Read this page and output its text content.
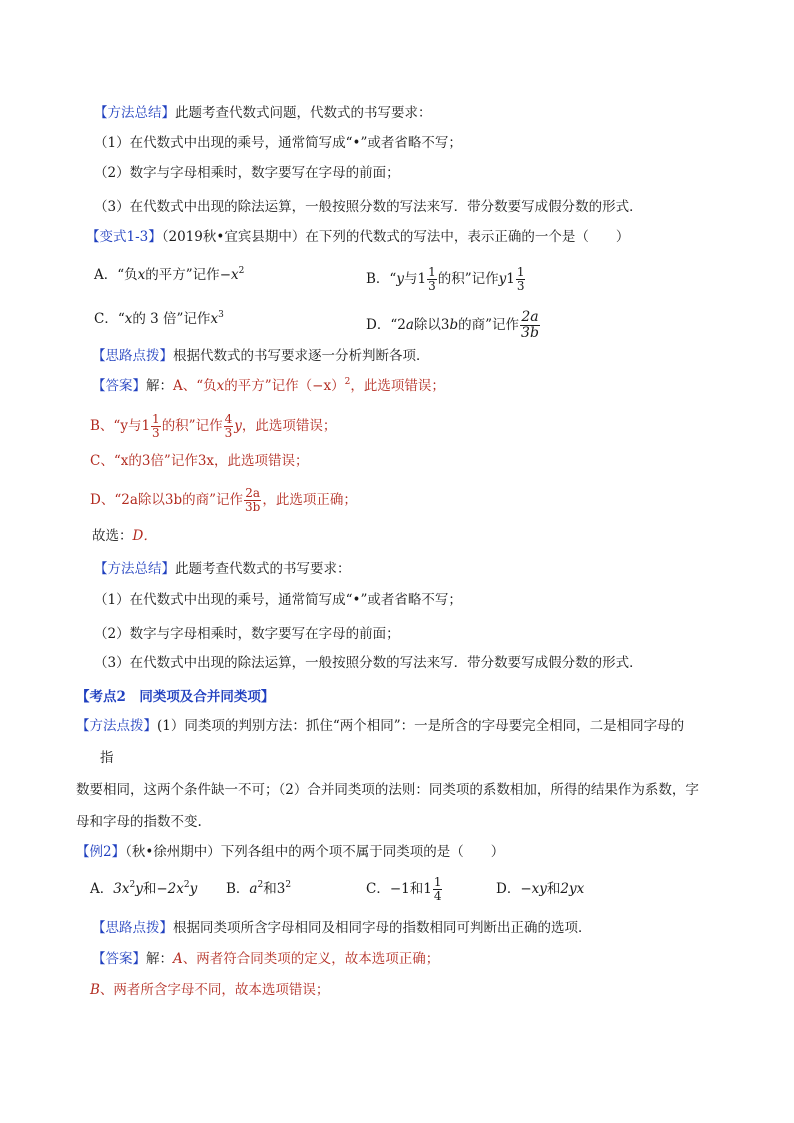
【方法总结】此题考查代数式问题，代数式的书写要求：
（1）在代数式中出现的乘号，通常简写成“•”或者省略不写；
（2）数字与字母相乘时，数字要写在字母的前面；
（3）在代数式中出现的除法运算，一般按照分数的写法来写．带分数要写成假分数的形式．
【变式1-3】（2019秋•宜宾县期中）在下列的代数式的写法中，表示正确的一个是（　　）
A．“负x的平方”记作$-x^2$	B．“y与$1 \frac{1}{3}$ 的积”记作$y1 \frac{1}{3}$
C．“x的 3 倍”记作$x^3$
D．“2a除以3b的商”记作 $\frac{2a}{3b}$
【思路点拨】根据代数式的书写要求逐一分析判断各项．
【答案】解：A、“负x的平方”记作$(-x)^2$，此选项错误；
B、“y与$1 \frac{1}{3}$ 的积”记作 $\frac{4}{3}$ y，此选项错误；
C、“x的3倍”记作3x，此选项错误；
D、“2a除以3b的商”记作 $\frac{2a}{3b}$ ，此选项正确；
故选：D．
【方法总结】此题考查代数式的书写要求：
（1）在代数式中出现的乘号，通常简写成“•”或者省略不写；
（2）数字与字母相乘时，数字要写在字母的前面；
（3）在代数式中出现的除法运算，一般按照分数的写法来写．带分数要写成假分数的形式．
【考点2　同类项及合并同类项】
【方法点拨】(1）同类项的判别方法：抓住“两个相同”：一是所含的字母要完全相同，二是相同字母的
指
数要相同，这两个条件缺一不可；（2）合并同类项的法则：同类项的系数相加，所得的结果作为系数，字
母和字母的指数不变.
【例2】（秋•徐州期中）下列各组中的两个项不属于同类项的是（　　）
A．$3x^2y$和$-2x^2y$ B．$a^2$和$3^2$	C．−1和$1 \frac{1}{4}$	D．−xy和2yx
【思路点拨】根据同类项所含字母相同及相同字母的指数相同可判断出正确的选项．
【答案】解：A、两者符合同类项的定义，故本选项正确；
B、两者所含字母不同，故本选项错误；
